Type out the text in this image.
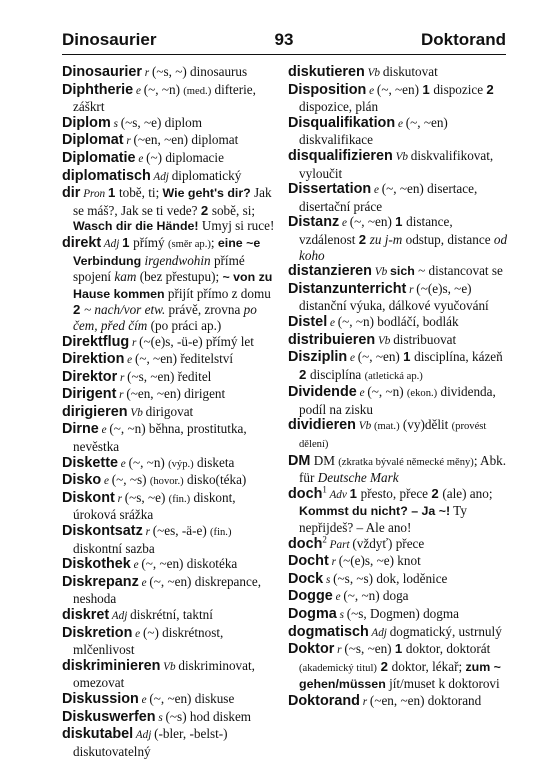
Dinosaurier	93	Doktorand

Dinosaurier r (~s, ~) dinosaurus

Diphtherie e (~, ~n) (med.) difterie, záškrt

Diplom s (~s, ~e) diplom

Diplomat r (~en, ~en) diplomat

Diplomatie e (~) diplomacie

diplomatisch Adj diplomatický

dir Pron 1 tobě, ti; Wie geht's dir? Jak se máš?, Jak se ti vede? 2 sobě, si; Wasch dir die Hände! Umyj si ruce!

direkt Adj 1 přímý (směr ap.); eine ~e Verbindung irgendwohin přímé spojení kam (bez přestupu); ~ von zu Hause kommen přijít přímo z domu 2 ~ nach/vor etw. právě, zrovna po čem, před čím (po práci ap.)

Direktflug r (~(e)s, -ü-e) přímý let

Direktion e (~, ~en) ředitelství

Direktor r (~s, ~en) ředitel

Dirigent r (~en, ~en) dirigent

dirigieren Vb dirigovat

Dirne e (~, ~n) běhna, prostitutka, nevěstka

Diskette e (~, ~n) (výp.) disketa

Disko e (~, ~s) (hovor.) disko(téka)

Diskont r (~s, ~e) (fin.) diskont, úroková srážka

Diskontsatz r (~es, -ä-e) (fin.) diskontní sazba

Diskothek e (~, ~en) diskotéka

Diskrepanz e (~, ~en) diskrepance, neshoda

diskret Adj diskrétní, taktní

Diskretion e (~) diskrétnost, mlčenlivost

diskriminieren Vb diskriminovat, omezovat

Diskussion e (~, ~en) diskuse

Diskuswerfen s (~s) hod diskem

diskutabel Adj (-bler, -belst-) diskutovatelný

diskutieren Vb diskutovat

Disposition e (~, ~en) 1 dispozice 2 dispozice, plán

Disqualifikation e (~, ~en) diskvalifikace

disqualifizieren Vb diskvalifikovat, vyloučit

Dissertation e (~, ~en) disertace, disertační práce

Distanz e (~, ~en) 1 distance, vzdálenost 2 zu j-m odstup, distance od koho

distanzieren Vb sich ~ distancovat se

Distanzunterricht r (~(e)s, ~e) distanční výuka, dálkové vyučování

Distel e (~, ~n) bodláčí, bodlák

distribuieren Vb distribuovat

Disziplin e (~, ~en) 1 disciplína, kázeň 2 disciplína (atletická ap.)

Dividende e (~, ~n) (ekon.) dividenda, podíl na zisku

dividieren Vb (mat.) (vy)dělit (provést dělení)

DM DM (zkratka bývalé německé měny); Abk. für Deutsche Mark

doch$^1$ Adv 1 přesto, přece 2 (ale) ano; Kommst du nicht? – Ja ~! Ty nepřijdeš? – Ale ano!

doch$^2$ Part (vždyť) přece

Docht r (~(e)s, ~e) knot

Dock s (~s, ~s) dok, loděnice

Dogge e (~, ~n) doga

Dogma s (~s, Dogmen) dogma

dogmatisch Adj dogmatický, ustrnulý

Doktor r (~s, ~en) 1 doktor, doktorát (akademický titul) 2 doktor, lékař; zum ~ gehen/müssen jít/muset k doktorovi

Doktorand r (~en, ~en) doktorand
